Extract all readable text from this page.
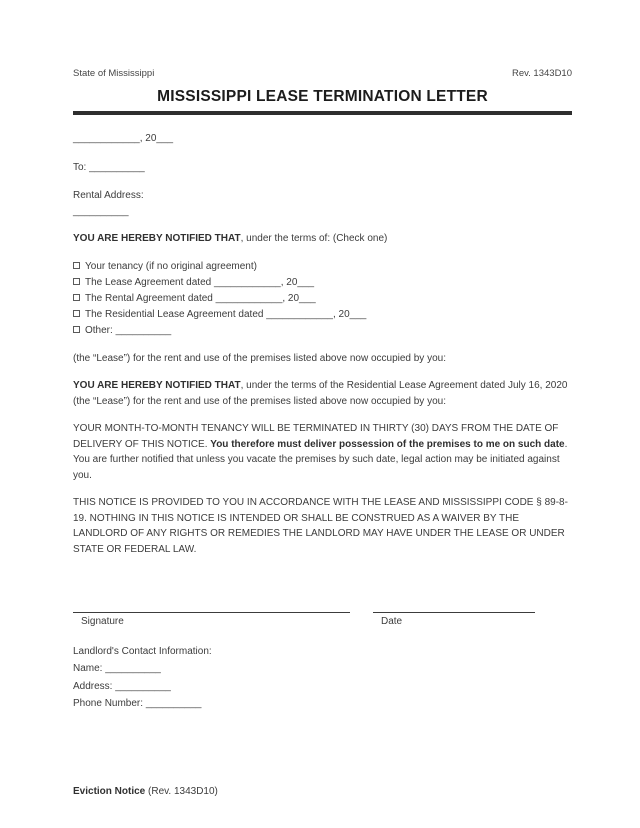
State of Mississippi	Rev. 1343D10
MISSISSIPPI LEASE TERMINATION LETTER

____________, 20___

To: __________

Rental Address:
__________

YOU ARE HEREBY NOTIFIED THAT, under the terms of: (Check one)

Your tenancy (if no original agreement)
The Lease Agreement dated ____________, 20___
The Rental Agreement dated ____________, 20___
The Residential Lease Agreement dated ____________, 20___
Other: __________

(the “Lease”) for the rent and use of the premises listed above now occupied by you:

YOU ARE HEREBY NOTIFIED THAT, under the terms of the Residential Lease Agreement dated July 16, 2020 (the “Lease”) for the rent and use of the premises listed above now occupied by you:

YOUR MONTH-TO-MONTH TENANCY WILL BE TERMINATED IN THIRTY (30) DAYS FROM THE DATE OF DELIVERY OF THIS NOTICE. You therefore must deliver possession of the premises to me on such date. You are further notified that unless you vacate the premises by such date, legal action may be initiated against you.

THIS NOTICE IS PROVIDED TO YOU IN ACCORDANCE WITH THE LEASE AND MISSISSIPPI CODE § 89-8-19. NOTHING IN THIS NOTICE IS INTENDED OR SHALL BE CONSTRUED AS A WAIVER BY THE LANDLORD OF ANY RIGHTS OR REMEDIES THE LANDLORD MAY HAVE UNDER THE LEASE OR UNDER STATE OR FEDERAL LAW.

Signature	Date

Landlord's Contact Information:

Name: __________

Address: __________

Phone Number: __________

Eviction Notice (Rev. 1343D10)
